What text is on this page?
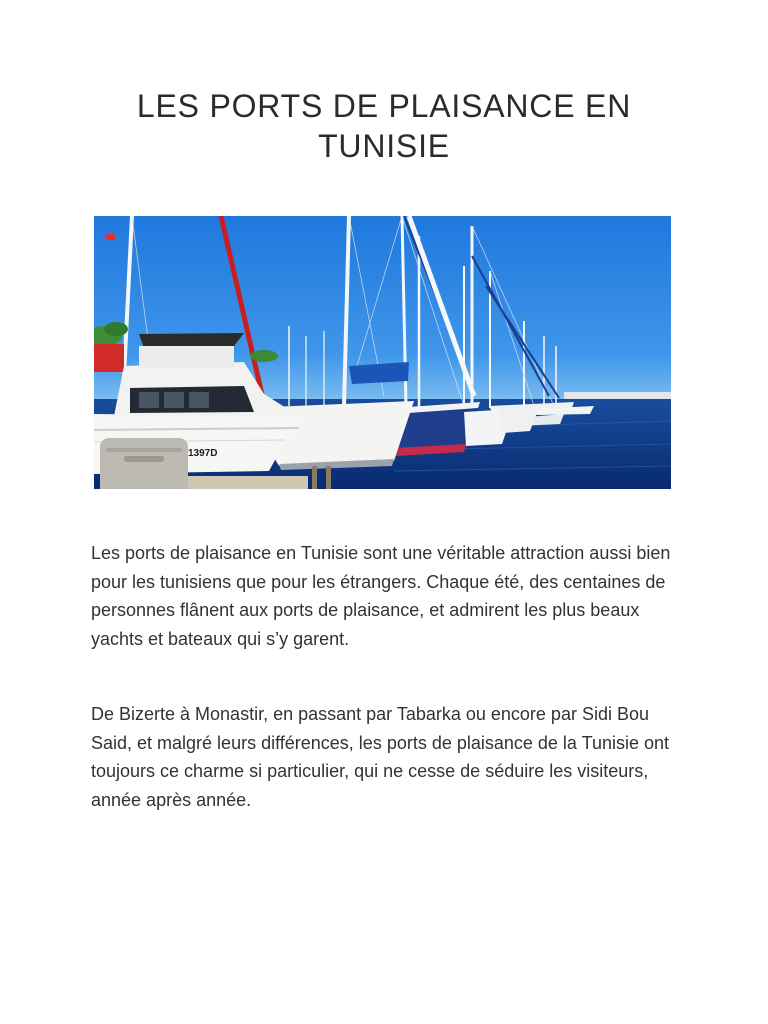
LES PORTS DE PLAISANCE EN TUNISIE
1397D

Les ports de plaisance en Tunisie sont une véritable attraction aussi bien pour les tunisiens que pour les étrangers. Chaque été, des centaines de personnes flânent aux ports de plaisance, et admirent les plus beaux yachts et bateaux qui s’y garent.

De Bizerte à Monastir, en passant par Tabarka ou encore par Sidi Bou Said, et malgré leurs différences, les ports de plaisance de la Tunisie ont toujours ce charme si particulier, qui ne cesse de séduire les visiteurs, année après année.
